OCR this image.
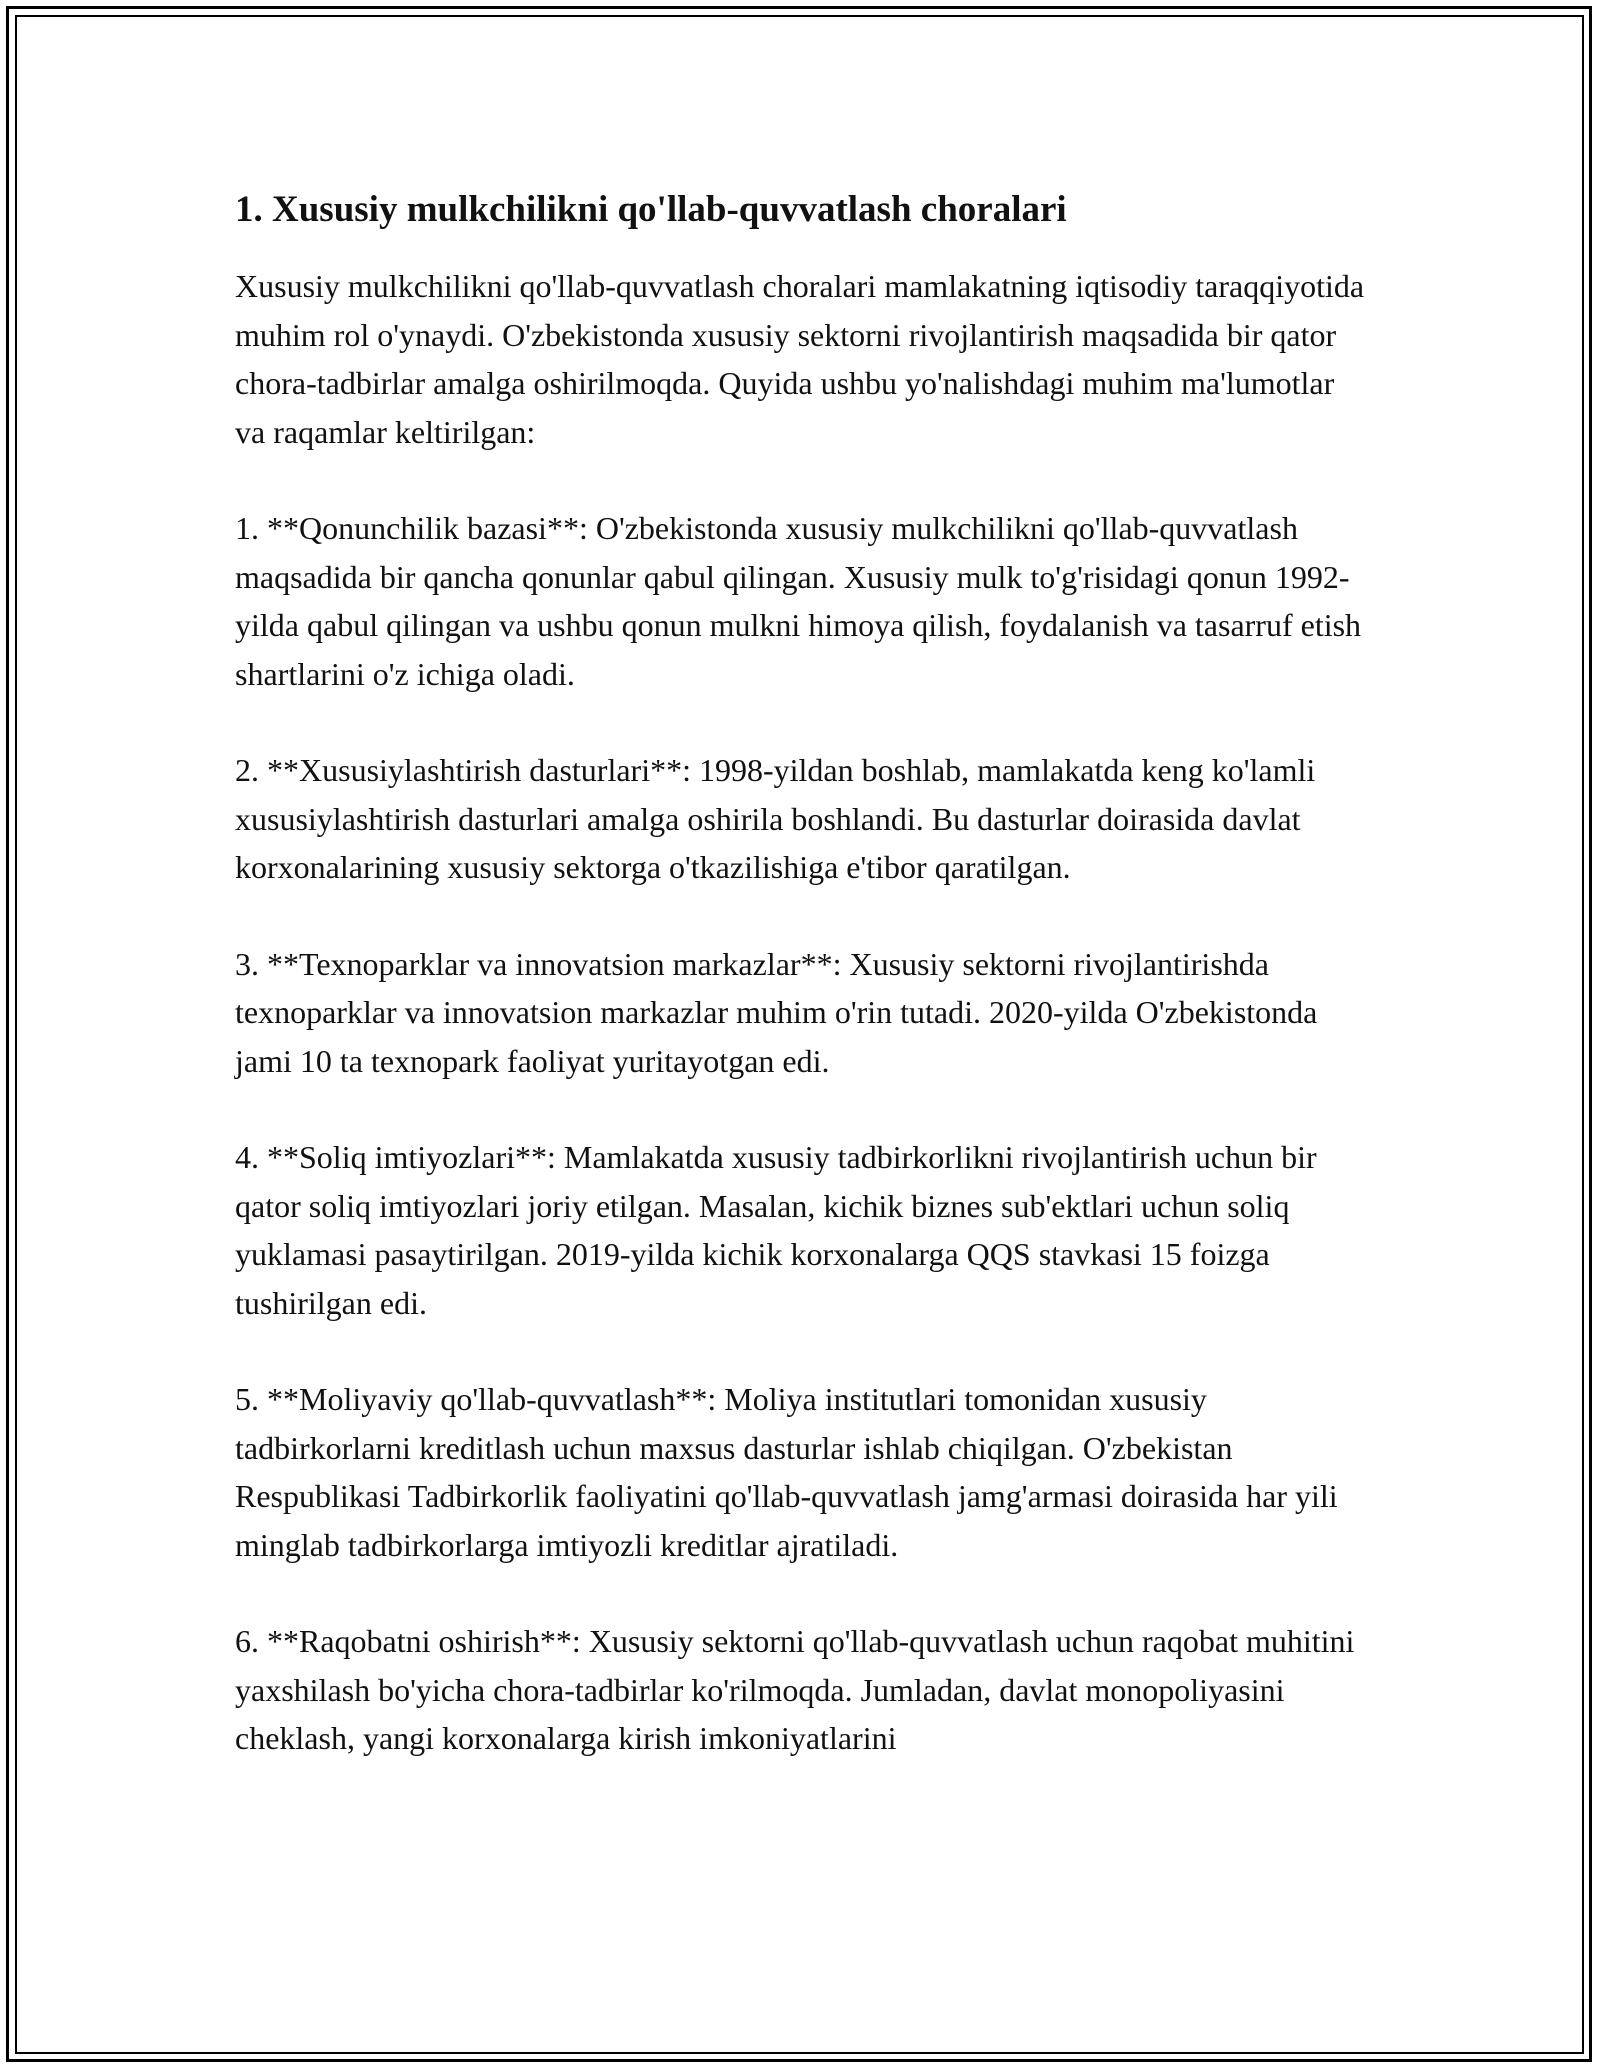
1. Xususiy mulkchilikni qo'llab-quvvatlash choralari

Xususiy mulkchilikni qo'llab-quvvatlash choralari mamlakatning iqtisodiy taraqqiyotida muhim rol o'ynaydi. O'zbekistonda xususiy sektorni rivojlantirish maqsadida bir qator chora-tadbirlar amalga oshirilmoqda. Quyida ushbu yo'nalishdagi muhim ma'lumotlar va raqamlar keltirilgan:

1. **Qonunchilik bazasi**: O'zbekistonda xususiy mulkchilikni qo'llab-quvvatlash maqsadida bir qancha qonunlar qabul qilingan. Xususiy mulk to'g'risidagi qonun 1992-yilda qabul qilingan va ushbu qonun mulkni himoya qilish, foydalanish va tasarruf etish shartlarini o'z ichiga oladi.

2. **Xususiylashtirish dasturlari**: 1998-yildan boshlab, mamlakatda keng ko'lamli xususiylashtirish dasturlari amalga oshirila boshlandi. Bu dasturlar doirasida davlat korxonalarining xususiy sektorga o'tkazilishiga e'tibor qaratilgan.

3. **Texnoparklar va innovatsion markazlar**: Xususiy sektorni rivojlantirishda texnoparklar va innovatsion markazlar muhim o'rin tutadi. 2020-yilda O'zbekistonda jami 10 ta texnopark faoliyat yuritayotgan edi.

4. **Soliq imtiyozlari**: Mamlakatda xususiy tadbirkorlikni rivojlantirish uchun bir qator soliq imtiyozlari joriy etilgan. Masalan, kichik biznes sub'ektlari uchun soliq yuklamasi pasaytirilgan. 2019-yilda kichik korxonalarga QQS stavkasi 15 foizga tushirilgan edi.

5. **Moliyaviy qo'llab-quvvatlash**: Moliya institutlari tomonidan xususiy tadbirkorlarni kreditlash uchun maxsus dasturlar ishlab chiqilgan. O'zbekistan Respublikasi Tadbirkorlik faoliyatini qo'llab-quvvatlash jamg'armasi doirasida har yili minglab tadbirkorlarga imtiyozli kreditlar ajratiladi.

6. **Raqobatni oshirish**: Xususiy sektorni qo'llab-quvvatlash uchun raqobat muhitini yaxshilash bo'yicha chora-tadbirlar ko'rilmoqda. Jumladan, davlat monopoliyasini cheklash, yangi korxonalarga kirish imkoniyatlarini
